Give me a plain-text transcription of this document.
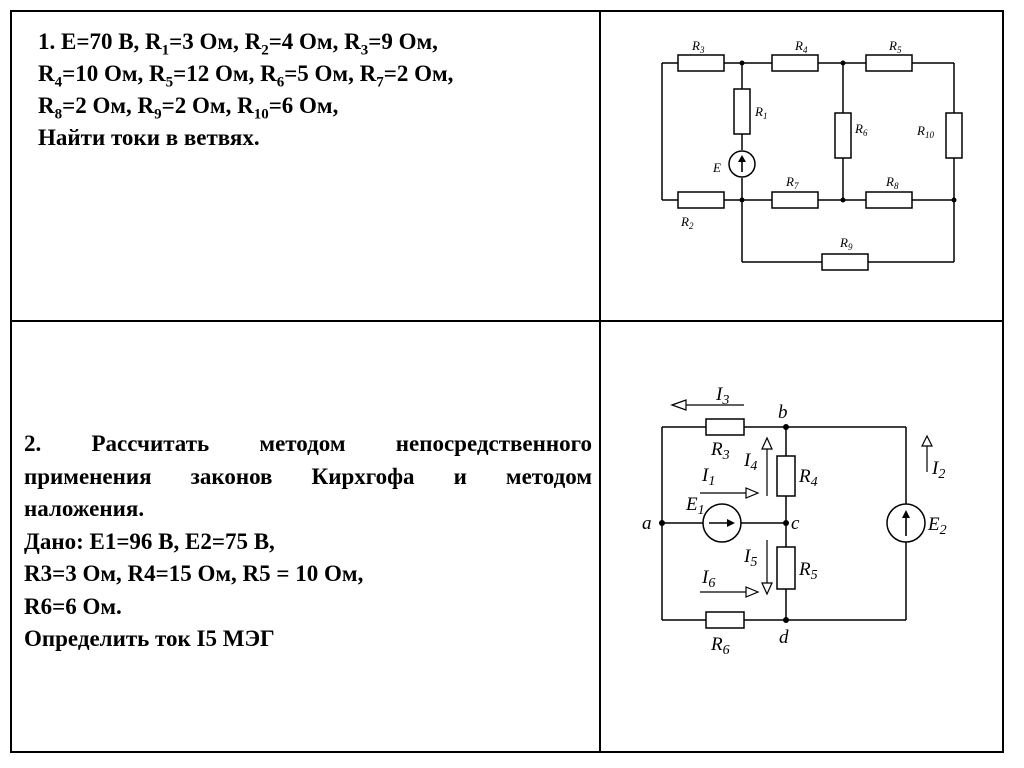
1. E=70 В, $R_1=3$ Ом, $R_2=4$ Ом, $R_3=9$ Ом,
$R_4=10$ Ом, $R_5=12$ Ом, $R_6=5$ Ом, $R_7=2$ Ом,
$R_8=2$ Ом, $R_9=2$ Ом, $R_{10}=6$ Ом,
Найти токи в ветвях.
2. Рассчитать методом непосредственного
применения законов Кирхгофа и методом
наложения.
Дано: E1=96 В, E2=75 В,
R3=3 Ом, R4=15 Ом, R5 = 10 Ом,
R6=6 Ом.
Определить ток I5 МЭГ
$R_3$	$R_4$	$R_5$
$R_1$
$R_6$	$R_{10}$
E
$R_7$	$R_8$
$R_2$
$R_9$
$I_3$
b
$R_3$ $I_4$ $R_4$
$I_1$
$E_1$
a	c
$I_5$ $R_5$
$I_6$
$R_6$
d
$I_2$
$E_2$
